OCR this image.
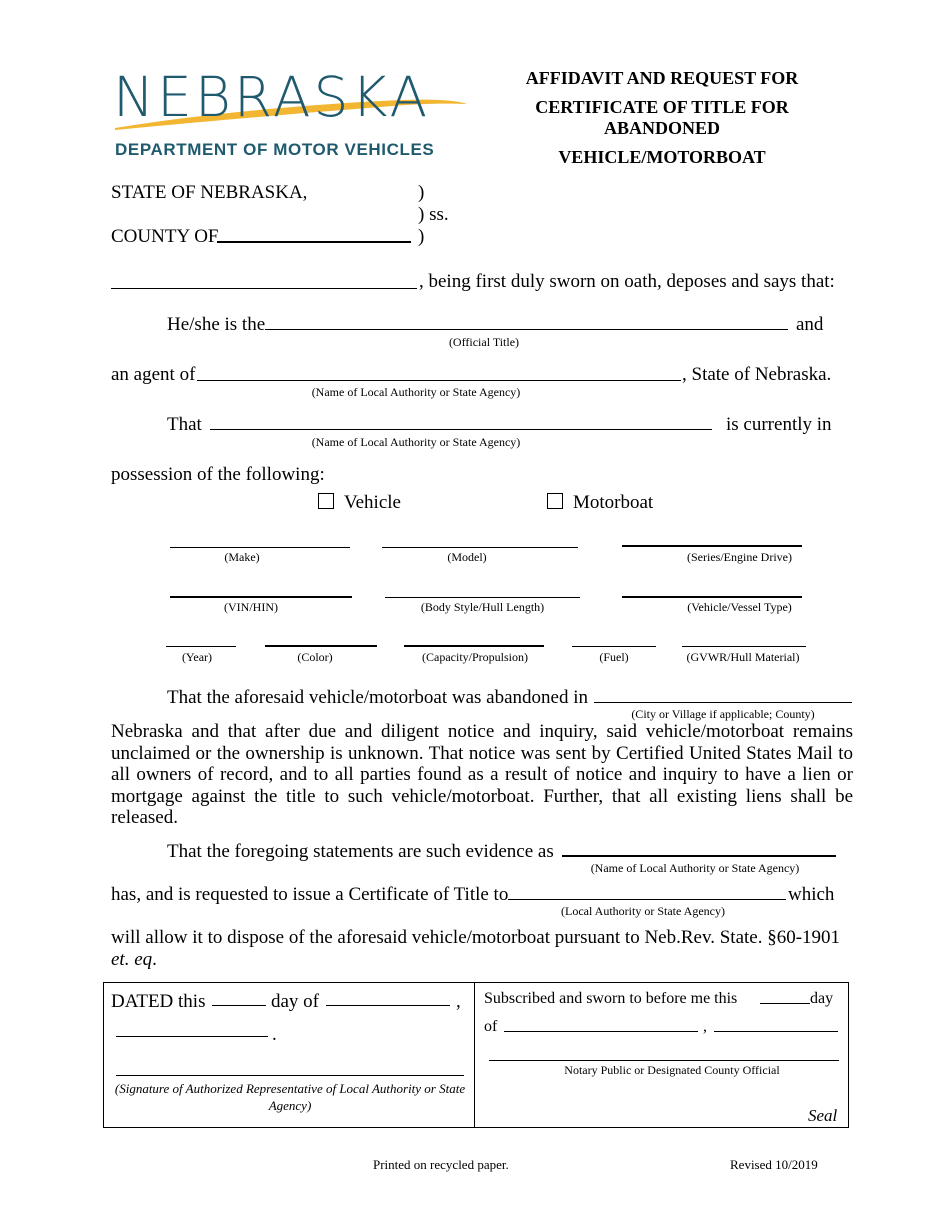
NEBRASKA
DEPARTMENT OF MOTOR VEHICLES
AFFIDAVIT AND REQUEST FOR
CERTIFICATE OF TITLE FOR
ABANDONED
VEHICLE/MOTORBOAT
STATE OF NEBRASKA,	)
) ss.
COUNTY OF	)
, being first duly sworn on oath, deposes and says that:
He/she is the	and
(Official Title)
an agent of	, State of Nebraska.
(Name of Local Authority or State Agency)
That	is currently in
(Name of Local Authority or State Agency)
possession of the following:
Vehicle	Motorboat
(Make)	(Model)	(Series/Engine Drive)
(VIN/HIN)	(Body Style/Hull Length)	(Vehicle/Vessel Type)
(Year)	(Color)	(Capacity/Propulsion)	(Fuel)	(GVWR/Hull Material)
That the aforesaid vehicle/motorboat was abandoned in
(City or Village if applicable; County)
Nebraska and that after due and diligent notice and inquiry, said vehicle/motorboat remains unclaimed or the ownership is unknown. That notice was sent by Certified United States Mail to all owners of record, and to all parties found as a result of notice and inquiry to have a lien or mortgage against the title to such vehicle/motorboat. Further, that all existing liens shall be released.
That the foregoing statements are such evidence as
(Name of Local Authority or State Agency)
has, and is requested to issue a Certificate of Title to	which
(Local Authority or State Agency)
will allow it to dispose of the aforesaid vehicle/motorboat pursuant to Neb.Rev. State. §60-1901
et. eq.
DATED this	day of	,
.
(Signature of Authorized Representative of Local Authority or State Agency)
Subscribed and sworn to before me this	day
of	,
Notary Public or Designated County Official
Seal
Printed on recycled paper.	Revised 10/2019
